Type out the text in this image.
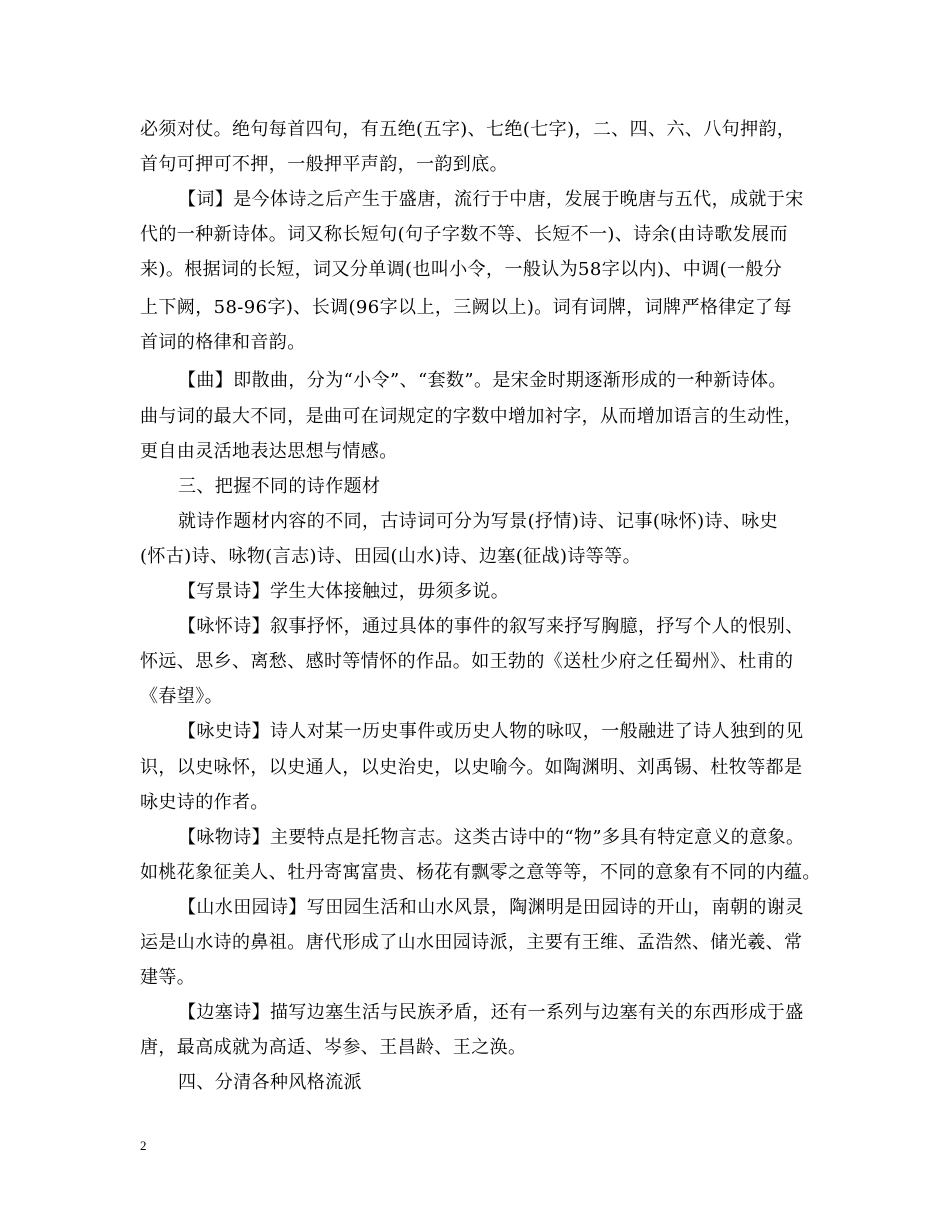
必须对仗。绝句每首四句，有五绝(五字)、七绝(七字)，二、四、六、八句押韵，
首句可押可不押，一般押平声韵，一韵到底。
【词】是今体诗之后产生于盛唐，流行于中唐，发展于晚唐与五代，成就于宋
代的一种新诗体。词又称长短句(句子字数不等、长短不一)、诗余(由诗歌发展而
来)。根据词的长短，词又分单调(也叫小令，一般认为58字以内)、中调(一般分
上下阙，58-96字)、长调(96字以上，三阙以上)。词有词牌，词牌严格律定了每
首词的格律和音韵。
【曲】即散曲，分为“小令”、“套数”。是宋金时期逐渐形成的一种新诗体。
曲与词的最大不同，是曲可在词规定的字数中增加衬字，从而增加语言的生动性，
更自由灵活地表达思想与情感。
三、把握不同的诗作题材
就诗作题材内容的不同，古诗词可分为写景(抒情)诗、记事(咏怀)诗、咏史
(怀古)诗、咏物(言志)诗、田园(山水)诗、边塞(征战)诗等等。
【写景诗】学生大体接触过，毋须多说。
【咏怀诗】叙事抒怀，通过具体的事件的叙写来抒写胸臆，抒写个人的恨别、
怀远、思乡、离愁、感时等情怀的作品。如王勃的《送杜少府之任蜀州》、杜甫的
《春望》。
【咏史诗】诗人对某一历史事件或历史人物的咏叹，一般融进了诗人独到的见
识，以史咏怀，以史通人，以史治史，以史喻今。如陶渊明、刘禹锡、杜牧等都是
咏史诗的作者。
【咏物诗】主要特点是托物言志。这类古诗中的“物”多具有特定意义的意象。
如桃花象征美人、牡丹寄寓富贵、杨花有飘零之意等等，不同的意象有不同的内蕴。
【山水田园诗】写田园生活和山水风景，陶渊明是田园诗的开山，南朝的谢灵
运是山水诗的鼻祖。唐代形成了山水田园诗派，主要有王维、孟浩然、储光羲、常
建等。
【边塞诗】描写边塞生活与民族矛盾，还有一系列与边塞有关的东西形成于盛
唐，最高成就为高适、岑参、王昌龄、王之涣。
四、分清各种风格流派
2
